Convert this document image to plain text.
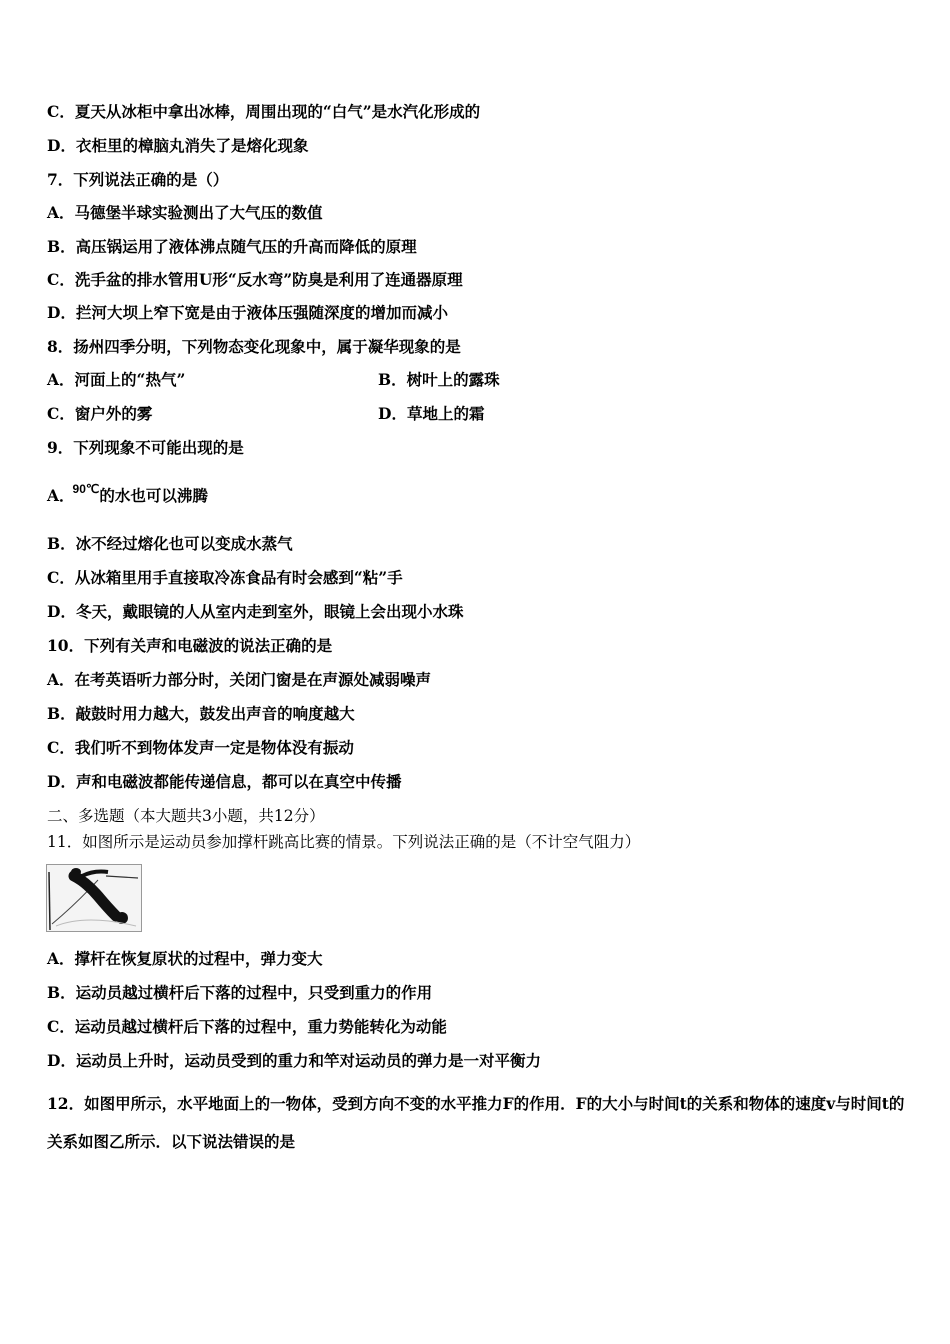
C．夏天从冰柜中拿出冰棒，周围出现的“白气”是水汽化形成的
D．衣柜里的樟脑丸消失了是熔化现象
7．下列说法正确的是（）
A．马德堡半球实验测出了大气压的数值
B．高压锅运用了液体沸点随气压的升高而降低的原理
C．洗手盆的排水管用U形“反水弯”防臭是利用了连通器原理
D．拦河大坝上窄下宽是由于液体压强随深度的增加而减小
8．扬州四季分明，下列物态变化现象中，属于凝华现象的是
A．河面上的“热气”	B．树叶上的露珠
C．窗户外的雾	D．草地上的霜
9．下列现象不可能出现的是
A．$^{90℃}$的水也可以沸腾
B．冰不经过熔化也可以变成水蒸气
C．从冰箱里用手直接取冷冻食品有时会感到“粘”手
D．冬天，戴眼镜的人从室内走到室外，眼镜上会出现小水珠
10．下列有关声和电磁波的说法正确的是
A．在考英语听力部分时，关闭门窗是在声源处减弱噪声
B．敲鼓时用力越大，鼓发出声音的响度越大
C．我们听不到物体发声一定是物体没有振动
D．声和电磁波都能传递信息，都可以在真空中传播
二、多选题（本大题共3小题，共12分）
11．如图所示是运动员参加撑杆跳高比赛的情景。下列说法正确的是（不计空气阻力）
A．撑杆在恢复原状的过程中，弹力变大
B．运动员越过横杆后下落的过程中，只受到重力的作用
C．运动员越过横杆后下落的过程中，重力势能转化为动能
D．运动员上升时，运动员受到的重力和竿对运动员的弹力是一对平衡力
12．如图甲所示，水平地面上的一物体，受到方向不变的水平推力F的作用．F的大小与时间t的关系和物体的速度v与时间t的关系如图乙所示．以下说法错误的是
